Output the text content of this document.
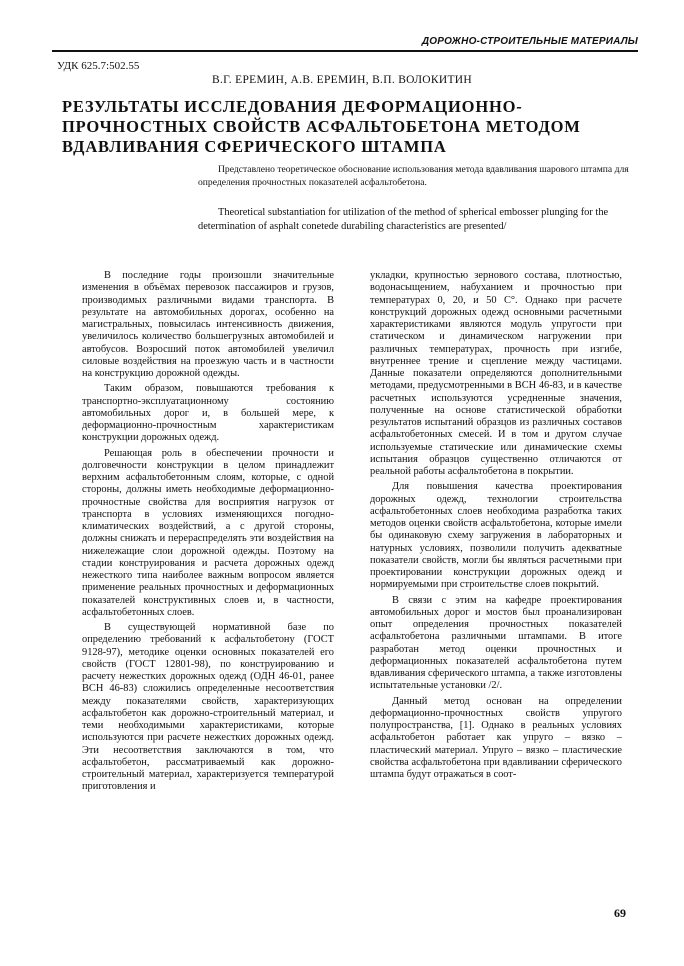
ДОРОЖНО-СТРОИТЕЛЬНЫЕ МАТЕРИАЛЫ
УДК 625.7:502.55
В.Г. ЕРЕМИН, А.В. ЕРЕМИН, В.П. ВОЛОКИТИН
РЕЗУЛЬТАТЫ ИССЛЕДОВАНИЯ ДЕФОРМАЦИОННО-ПРОЧНОСТНЫХ СВОЙСТВ АСФАЛЬТОБЕТОНА МЕТОДОМ ВДАВЛИВАНИЯ СФЕРИЧЕСКОГО ШТАМПА
Представлено теоретическое обоснование использования метода вдавливания шарового штампа для определения прочностных показателей асфальтобетона.
Theoretical substantiation for utilization of the method of spherical embosser plunging for the determination of asphalt conetede durabiling characteristics are presented/

В последние годы произошли значительные изменения в объёмах перевозок пассажиров и грузов, производимых различными видами транспорта. В результате на автомобильных дорогах, особенно на магистральных, повысилась интенсивность движения, увеличилось количество большегрузных автомобилей и автобусов. Возросший поток автомобилей увеличил силовые воздействия на проезжую часть и в частности на конструкцию дорожной одежды.

Таким образом, повышаются требования к транспортно-эксплуатационному состоянию автомобильных дорог и, в большей мере, к деформационно-прочностным характеристикам конструкции дорожных одежд.

Решающая роль в обеспечении прочности и долговечности конструкции в целом принадлежит верхним асфальтобетонным слоям, которые, с одной стороны, должны иметь необходимые деформационно-прочностные свойства для восприятия нагрузок от транспорта в условиях изменяющихся погодно-климатических воздействий, а с другой стороны, должны снижать и перераспределять эти воздействия на нижележащие слои дорожной одежды. Поэтому на стадии конструирования и расчета дорожных одежд нежесткого типа наиболее важным вопросом является применение реальных прочностных и деформационных показателей конструктивных слоев и, в частности, асфальтобетонных слоев.

В существующей нормативной базе по определению требований к асфальтобетону (ГОСТ 9128-97), методике оценки основных показателей его свойств (ГОСТ 12801-98), по конструированию и расчету нежестких дорожных одежд (ОДН 46-01, ранее ВСН 46-83) сложились определенные несоответствия между показателями свойств, характеризующих асфальтобетон как дорожно-строительный материал, и теми необходимыми характеристиками, которые используются при расчете нежестких дорожных одежд. Эти несоответствия заключаются в том, что асфальтобетон, рассматриваемый как дорожно-строительный материал, характеризуется температурой приготовления и

укладки, крупностью зернового состава, плотностью, водонасыщением, набуханием и прочностью при температурах 0, 20, и 50 С°. Однако при расчете конструкций дорожных одежд основными расчетными характеристиками являются модуль упругости при статическом и динамическом нагружении при различных температурах, прочность при изгибе, внутреннее трение и сцепление между частицами. Данные показатели определяются дополнительными методами, предусмотренными в ВСН 46-83, и в качестве расчетных используются усредненные значения, полученные на основе статистической обработки результатов испытаний образцов из различных составов асфальтобетонных смесей. И в том и другом случае используемые статические или динамические схемы испытания образцов существенно отличаются от реальной работы асфальтобетона в покрытии.

Для повышения качества проектирования дорожных одежд, технологии строительства асфальтобетонных слоев необходима разработка таких методов оценки свойств асфальтобетона, которые имели бы одинаковую схему загружения в лабораторных и натурных условиях, позволили получить адекватные показатели свойств, могли бы являться расчетными при проектировании конструкции дорожных одежд и нормируемыми при строительстве слоев покрытий.

В связи с этим на кафедре проектирования автомобильных дорог и мостов был проанализирован опыт определения прочностных показателей асфальтобетона различными штампами. В итоге разработан метод оценки прочностных и деформационных показателей асфальтобетона путем вдавливания сферического штампа, а также изготовлены испытательные установки /2/.

Данный метод основан на определении деформационно-прочностных свойств упругого полупространства, [1]. Однако в реальных условиях асфальтобетон работает как упруго – вязко – пластический материал. Упруго – вязко – пластические свойства асфальтобетона при вдавливании сферического штампа будут отражаться в соот-

69
